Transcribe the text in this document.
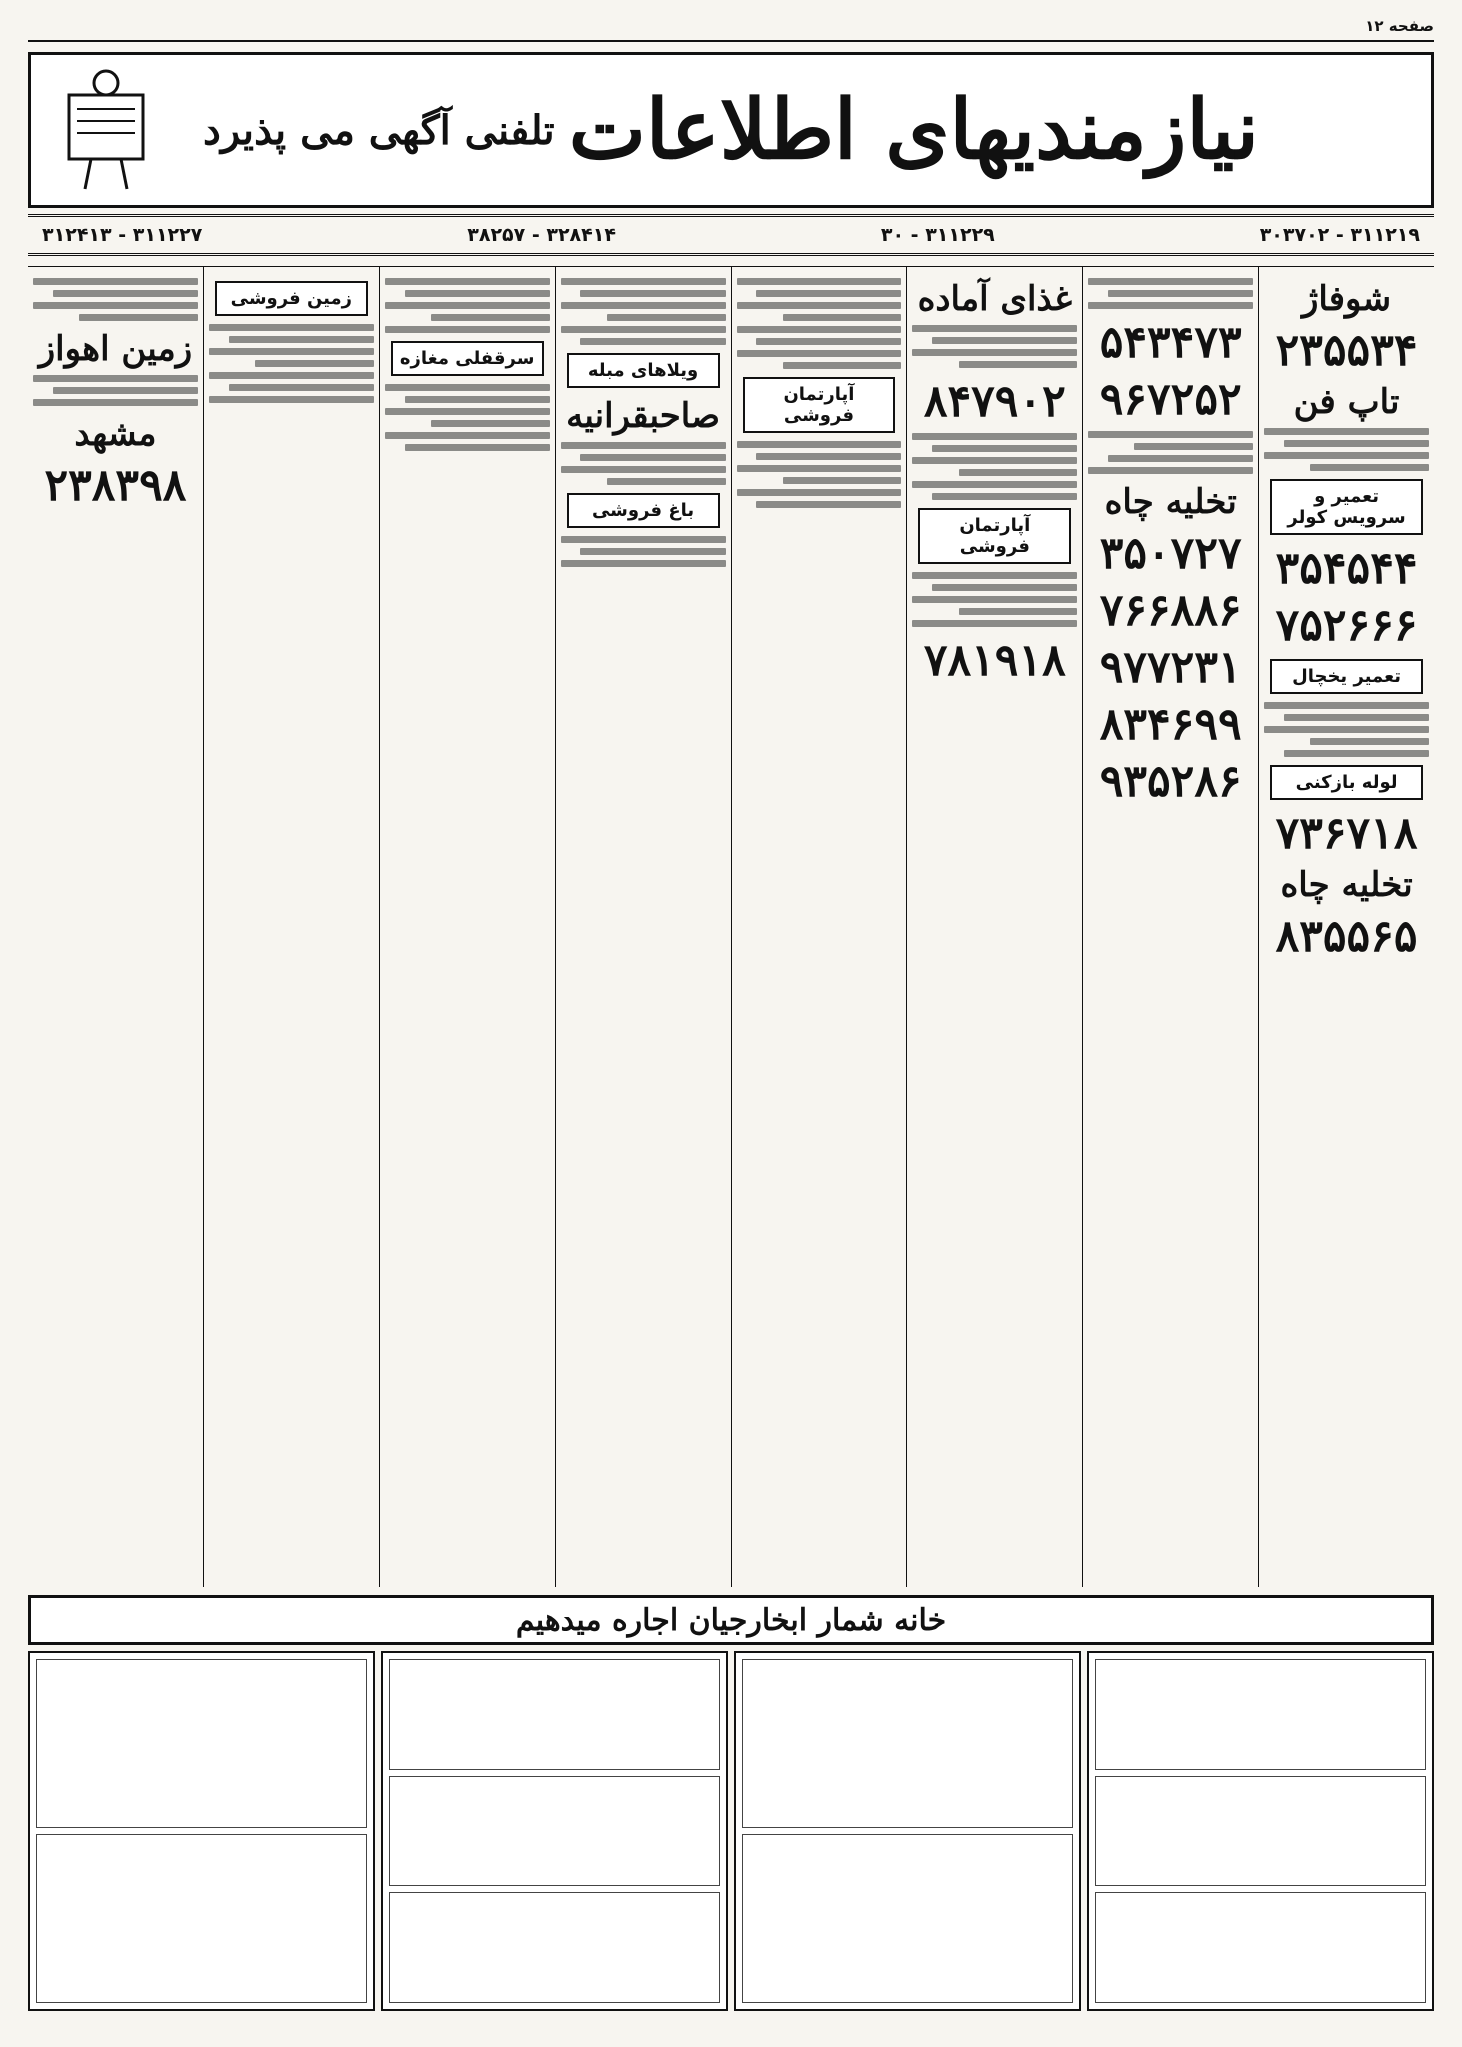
صفحه ۱۲
نیازمندیهای اطلاعات
تلفنی آگهی می پذیرد
۳۱۱۲۱۹ - ۳۰۳۷۰۲
۳۱۱۲۲۹ - ۳۰
۳۲۸۴۱۴ - ۳۸۲۵۷
۳۱۱۲۲۷ - ۳۱۲۴۱۳
شوفاژ
۲۳۵۵۳۴
تاپ فن
تعمیر و سرویس کولر
۳۵۴۵۴۴
۷۵۲۶۶۶
تعمیر یخچال
لوله بازکنی
۷۳۶۷۱۸
تخلیه چاه
۸۳۵۵۶۵
۵۴۳۴۷۳
۹۶۷۲۵۲
تخلیه چاه
۳۵۰۷۲۷
۷۶۶۸۸۶
۹۷۷۲۳۱
۸۳۴۶۹۹
۹۳۵۲۸۶
غذای آماده
۸۴۷۹۰۲
آپارتمان فروشی
۷۸۱۹۱۸
آپارتمان فروشی
ویلاهای مبله
صاحبقرانیه
باغ فروشی
سرقفلی مغازه
زمین فروشی
زمین اهواز
مشهد
۲۳۸۳۹۸
خانه شمار ابخارجیان اجاره میدهیم
